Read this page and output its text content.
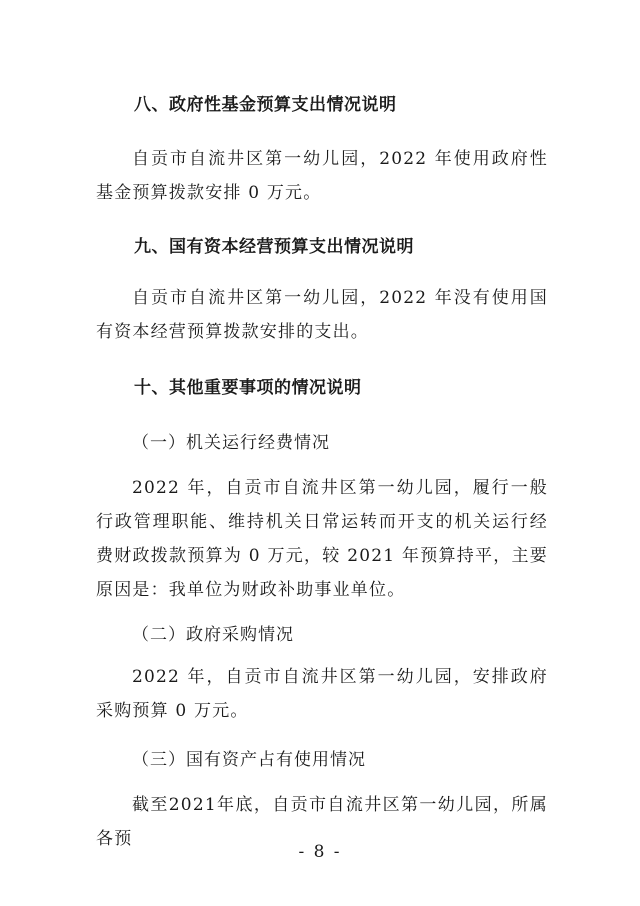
八、政府性基金预算支出情况说明

自贡市自流井区第一幼儿园，2022 年使用政府性基金预算拨款安排 0 万元。

九、国有资本经营预算支出情况说明

自贡市自流井区第一幼儿园，2022 年没有使用国有资本经营预算拨款安排的支出。

十、其他重要事项的情况说明
（一）机关运行经费情况

2022 年，自贡市自流井区第一幼儿园，履行一般行政管理职能、维持机关日常运转而开支的机关运行经费财政拨款预算为 0 万元，较 2021 年预算持平，主要原因是：我单位为财政补助事业单位。

（二）政府采购情况

2022 年，自贡市自流井区第一幼儿园，安排政府采购预算 0 万元。

（三）国有资产占有使用情况

截至2021年底，自贡市自流井区第一幼儿园，所属各预

- 8 -
